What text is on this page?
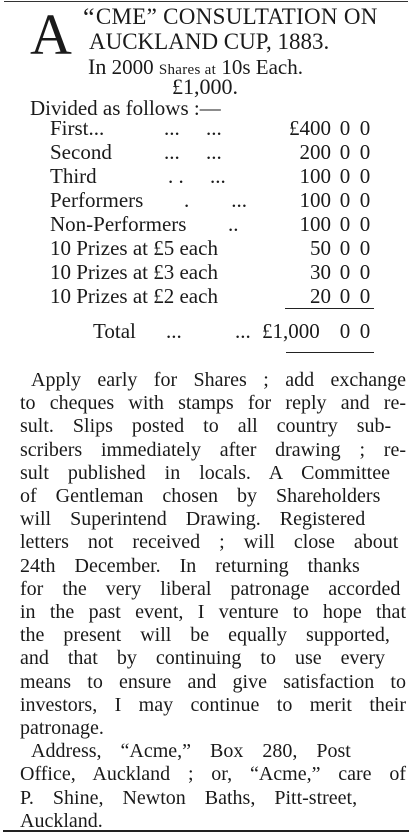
A “CME” CONSULTATION ON
AUCKLAND CUP, 1883.
In 2000 Shares at 10s Each.
£1,000.
Divided as follows :—
First...	...     ...	£400 0 0
Second ...     ...	200 0 0
Third	. .     ...	100 0 0
Performers .        ...	100 0 0
Non-Performers ..	100 0 0
10 Prizes at £5 each	50 0 0
10 Prizes at £3 each	30 0 0
10 Prizes at £2 each	20 0 0
Total ...	... £1,000 0 0
Apply early for Shares ; add exchange
to cheques with stamps for reply and re-
sult. Slips posted to all country sub-
scribers immediately after drawing ; re-
sult published in locals. A Committee
of Gentleman chosen by Shareholders
will Superintend Drawing. Registered
letters not received ; will close about
24th December. In returning thanks
for the very liberal patronage accorded
in the past event, I venture to hope that
the present will be equally supported,
and that by continuing to use every
means to ensure and give satisfaction to
investors, I may continue to merit their
patronage.
Address, “Acme,” Box 280, Post
Office, Auckland ; or, “Acme,” care of
P. Shine, Newton Baths, Pitt-street,
Auckland.
